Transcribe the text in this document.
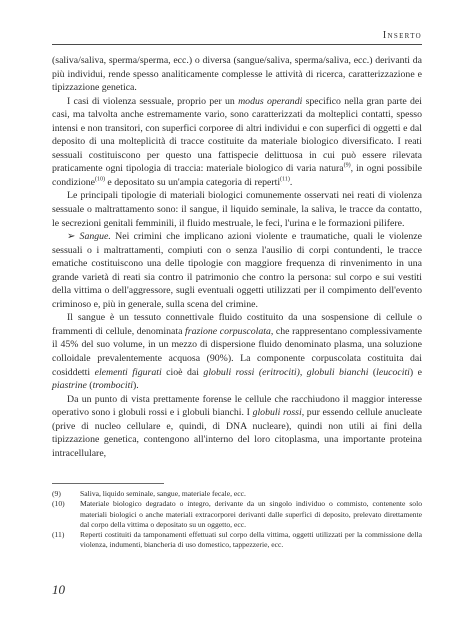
Inserto

(saliva/saliva, sperma/sperma, ecc.) o diversa (sangue/saliva, sperma/saliva, ecc.) derivanti da più individui, rende spesso analiticamente complesse le attività di ricerca, caratterizzazione e tipizzazione genetica.

I casi di violenza sessuale, proprio per un modus operandi specifico nella gran parte dei casi, ma talvolta anche estremamente vario, sono caratterizzati da molteplici contatti, spesso intensi e non transitori, con superfici corporee di altri individui e con superfici di oggetti e dal deposito di una molteplicità di tracce costituite da materiale biologico diversificato. I reati sessuali costituiscono per questo una fattispecie delittuosa in cui può essere rilevata praticamente ogni tipologia di traccia: materiale biologico di varia natura$^{(9)}$, in ogni possibile condizione$^{(10)}$ e depositato su un'ampia categoria di reperti$^{(11)}$.

Le principali tipologie di materiali biologici comunemente osservati nei reati di violenza sessuale o maltrattamento sono: il sangue, il liquido seminale, la saliva, le tracce da contatto, le secrezioni genitali femminili, il fluido mestruale, le feci, l'urina e le formazioni pilifere.

➢ Sangue. Nei crimini che implicano azioni violente e traumatiche, quali le violenze sessuali o i maltrattamenti, compiuti con o senza l'ausilio di corpi contundenti, le tracce ematiche costituiscono una delle tipologie con maggiore frequenza di rinvenimento in una grande varietà di reati sia contro il patrimonio che contro la persona: sul corpo e sui vestiti della vittima o dell'aggressore, sugli eventuali oggetti utilizzati per il compimento dell'evento criminoso e, più in generale, sulla scena del crimine.

Il sangue è un tessuto connettivale fluido costituito da una sospensione di cellule o frammenti di cellule, denominata frazione corpuscolata, che rappresentano complessivamente il 45% del suo volume, in un mezzo di dispersione fluido denominato plasma, una soluzione colloidale prevalentemente acquosa (90%). La componente corpuscolata costituita dai cosiddetti elementi figurati cioè dai globuli rossi (eritrociti), globuli bianchi (leucociti) e piastrine (trombociti).

Da un punto di vista prettamente forense le cellule che racchiudono il maggior interesse operativo sono i globuli rossi e i globuli bianchi. I globuli rossi, pur essendo cellule anucleate (prive di nucleo cellulare e, quindi, di DNA nucleare), quindi non utili ai fini della tipizzazione genetica, contengono all'interno del loro citoplasma, una importante proteina intracellulare,

(9)	Saliva, liquido seminale, sangue, materiale fecale, ecc.
(10)	Materiale biologico degradato o integro, derivante da un singolo individuo o commisto, contenente solo materiali biologici o anche materiali extracorporei derivanti dalle superfici di deposito, prelevato direttamente dal corpo della vittima o depositato su un oggetto, ecc.
(11)	Reperti costituiti da tamponamenti effettuati sul corpo della vittima, oggetti utilizzati per la commissione della violenza, indumenti, biancheria di uso domestico, tappezzerie, ecc.
10
